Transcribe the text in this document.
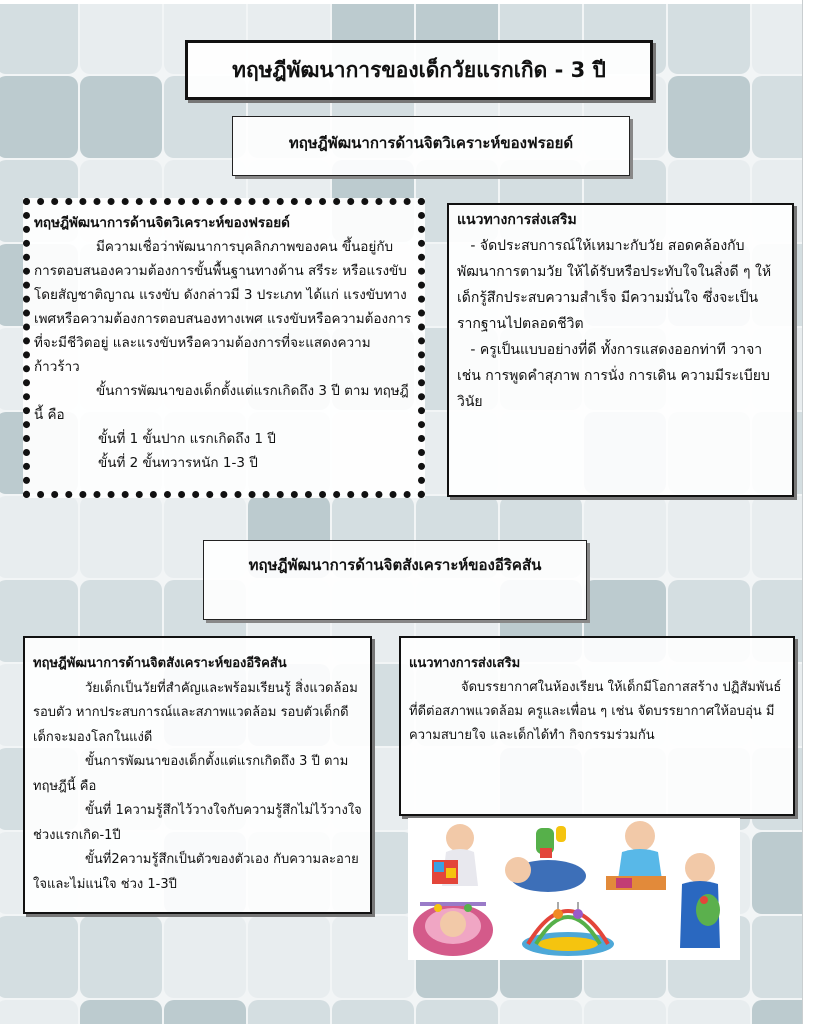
ทฤษฎีพัฒนาการของเด็กวัยแรกเกิด - 3 ปี
ทฤษฎีพัฒนาการด้านจิตวิเคราะห์ของฟรอยด์
ทฤษฎีพัฒนาการด้านจิตวิเคราะห์ของฟรอยด์
มีความเชื่อว่าพัฒนาการบุคลิกภาพของคน ขึ้นอยู่กับการตอบสนองความต้องการขั้นพื้นฐานทางด้าน สรีระ หรือแรงขับ โดยสัญชาติญาณ แรงขับ ดังกล่าวมี 3 ประเภท ได้แก่ แรงขับทางเพศหรือความต้องการตอบสนองทางเพศ แรงขับหรือความต้องการ ที่จะมีชีวิตอยู่ และแรงขับหรือความต้องการที่จะแสดงความก้าวร้าว
ขั้นการพัฒนาของเด็กตั้งแต่แรกเกิดถึง 3 ปี ตาม ทฤษฎีนี้ คือ
ขั้นที่ 1 ขั้นปาก แรกเกิดถึง 1 ปี
ขั้นที่ 2 ขั้นทวารหนัก 1-3 ปี
แนวทางการส่งเสริม
- จัดประสบการณ์ให้เหมาะกับวัย สอดคล้องกับพัฒนาการตามวัย ให้ได้รับหรือประทับใจในสิ่งดี ๆ ให้เด็กรู้สึกประสบความสำเร็จ มีความมั่นใจ ซึ่งจะเป็น รากฐานไปตลอดชีวิต
- ครูเป็นแบบอย่างที่ดี ทั้งการแสดงออกท่าที วาจา เช่น การพูดคำสุภาพ การนั่ง การเดิน ความมีระเบียบวินัย
ทฤษฎีพัฒนาการด้านจิตสังเคราะห์ของอีริคสัน
ทฤษฎีพัฒนาการด้านจิตสังเคราะห์ของอีริคสัน
วัยเด็กเป็นวัยที่สำคัญและพร้อมเรียนรู้ สิ่งแวดล้อมรอบตัว หากประสบการณ์และสภาพแวดล้อม รอบตัวเด็กดี เด็กจะมองโลกในแง่ดี
ขั้นการพัฒนาของเด็กตั้งแต่แรกเกิดถึง 3 ปี ตามทฤษฎีนี้ คือ
ขั้นที่ 1ความรู้สึกไว้วางใจกับความรู้สึกไม่ไว้วางใจ ช่วงแรกเกิด-1ปี
ขั้นที่2ความรู้สึกเป็นตัวของตัวเอง กับความละอายใจและไม่แน่ใจ ช่วง 1-3ปี
แนวทางการส่งเสริม
จัดบรรยากาศในห้องเรียน ให้เด็กมีโอกาสสร้าง ปฏิสัมพันธ์ที่ดีต่อสภาพแวดล้อม ครูและเพื่อน ๆ เช่น จัดบรรยากาศให้อบอุ่น มีความสบายใจ และเด็กได้ทำ กิจกรรมร่วมกัน
